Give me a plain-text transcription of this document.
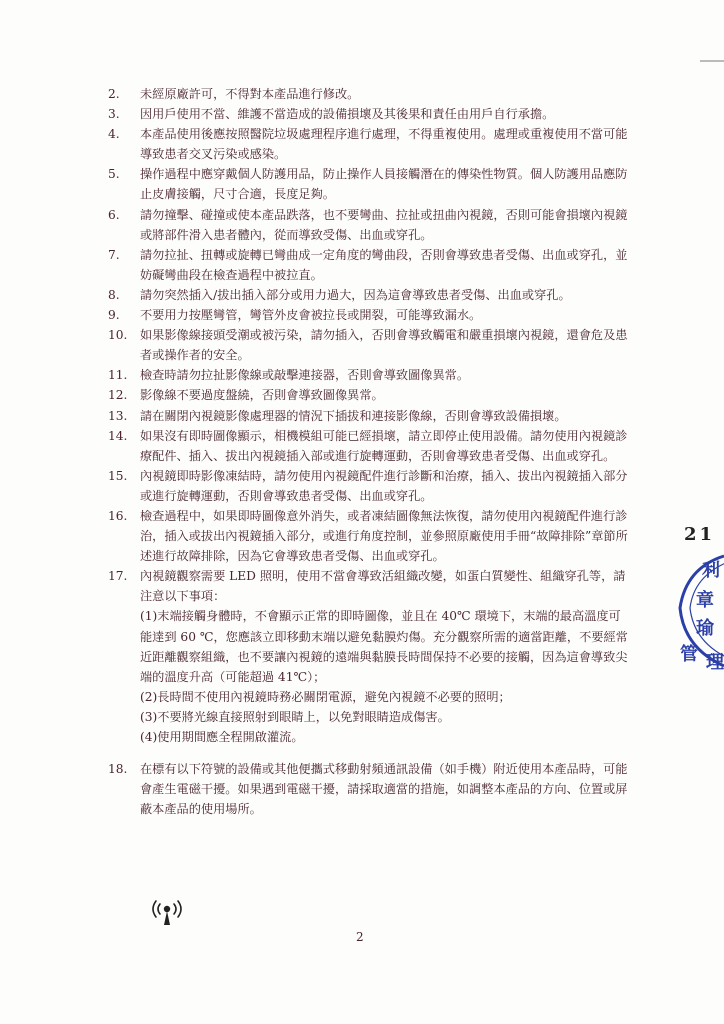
2.	未經原廠許可，不得對本產品進行修改。
3.	因用戶使用不當、維護不當造成的設備損壞及其後果和責任由用戶自行承擔。
4.	本產品使用後應按照醫院垃圾處理程序進行處理，不得重複使用。處理或重複使用不當可能導致患者交叉污染或感染。
5.	操作過程中應穿戴個人防護用品，防止操作人員接觸潛在的傳染性物質。個人防護用品應防止皮膚接觸，尺寸合適，長度足夠。
6.	請勿撞擊、碰撞或使本產品跌落，也不要彎曲、拉扯或扭曲內視鏡，否則可能會損壞內視鏡或將部件滑入患者體內，從而導致受傷、出血或穿孔。
7.	請勿拉扯、扭轉或旋轉已彎曲成一定角度的彎曲段，否則會導致患者受傷、出血或穿孔，並妨礙彎曲段在檢查過程中被拉直。
8.	請勿突然插入/拔出插入部分或用力過大，因為這會導致患者受傷、出血或穿孔。
9.	不要用力按壓彎管，彎管外皮會被拉長或開裂，可能導致漏水。
10.	如果影像線接頭受潮或被污染，請勿插入，否則會導致觸電和嚴重損壞內視鏡，還會危及患者或操作者的安全。
11.	檢查時請勿拉扯影像線或敲擊連接器，否則會導致圖像異常。
12.	影像線不要過度盤繞，否則會導致圖像異常。
13.	請在關閉內視鏡影像處理器的情況下插拔和連接影像線，否則會導致設備損壞。
14.	如果沒有即時圖像顯示，相機模組可能已經損壞，請立即停止使用設備。請勿使用內視鏡診療配件、插入、拔出內視鏡插入部或進行旋轉運動，否則會導致患者受傷、出血或穿孔。
15.	內視鏡即時影像凍結時，請勿使用內視鏡配件進行診斷和治療，插入、拔出內視鏡插入部分或進行旋轉運動，否則會導致患者受傷、出血或穿孔。
16.	檢查過程中，如果即時圖像意外消失，或者凍結圖像無法恢復，請勿使用內視鏡配件進行診治，插入或拔出內視鏡插入部分，或進行角度控制，並參照原廠使用手冊“故障排除”章節所述進行故障排除，因為它會導致患者受傷、出血或穿孔。
17.	內視鏡觀察需要 LED 照明，使用不當會導致活組織改變，如蛋白質變性、組織穿孔等，請注意以下事項：
(1)末端接觸身體時，不會顯示正常的即時圖像，並且在 40℃ 環境下，末端的最高溫度可能達到 60 ℃，您應該立即移動末端以避免黏膜灼傷。充分觀察所需的適當距離，不要經常近距離觀察組織，也不要讓內視鏡的遠端與黏膜長時間保持不必要的接觸，因為這會導致尖端的溫度升高（可能超過 41℃）；
(2)長時間不使用內視鏡時務必關閉電源，避免內視鏡不必要的照明；
(3)不要將光線直接照射到眼睛上，以免對眼睛造成傷害。
(4)使用期間應全程開啟灌流。
18.	在標有以下符號的設備或其他便攜式移動射頻通訊設備（如手機）附近使用本產品時，可能會產生電磁干擾。如果遇到電磁干擾，請採取適當的措施，如調整本產品的方向、位置或屏蔽本產品的使用場所。
2
21
利
章
瑜
管 理
